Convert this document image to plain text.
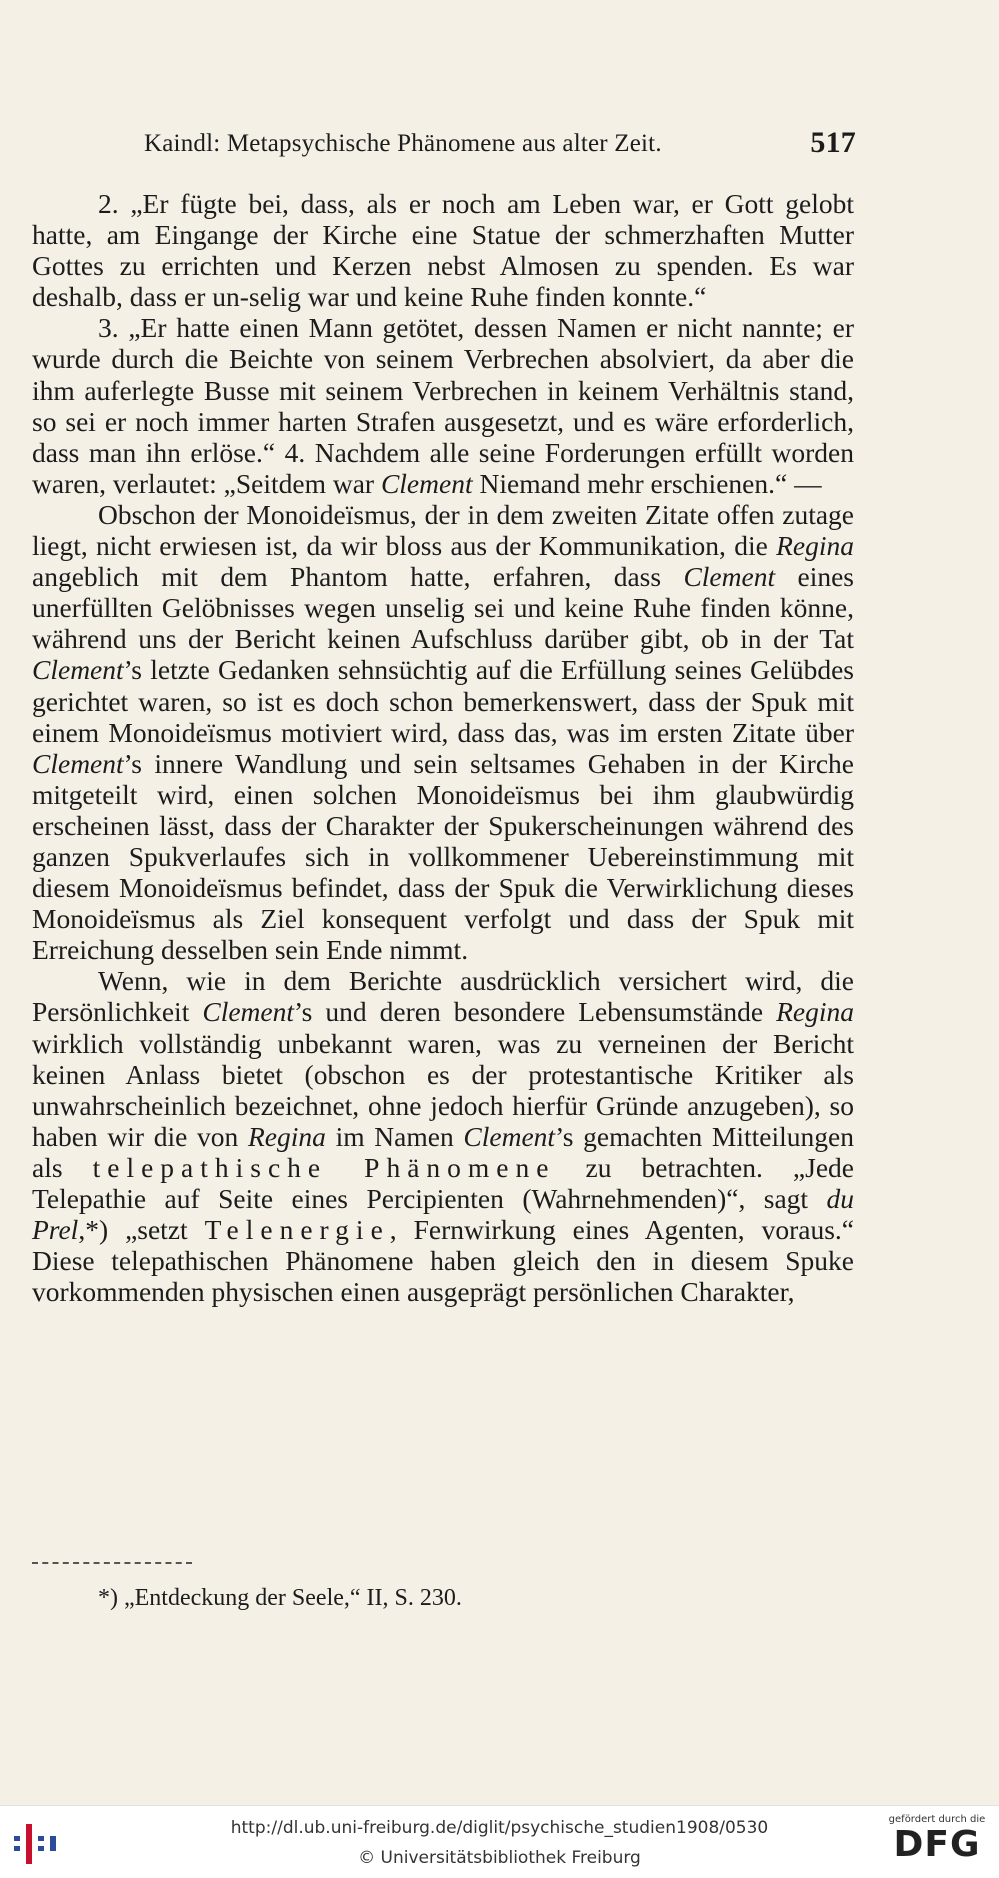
Kaindl: Metapsychische Phänomene aus alter Zeit.	517

2. „Er fügte bei, dass, als er noch am Leben war, er Gott gelobt hatte, am Eingange der Kirche eine Statue der schmerzhaften Mutter Gottes zu errichten und Kerzen nebst Almosen zu spenden. Es war deshalb, dass er un-selig war und keine Ruhe finden konnte.“

3. „Er hatte einen Mann getötet, dessen Namen er nicht nannte; er wurde durch die Beichte von seinem Verbrechen absolviert, da aber die ihm auferlegte Busse mit seinem Verbrechen in keinem Verhältnis stand, so sei er noch immer harten Strafen ausgesetzt, und es wäre erforderlich, dass man ihn erlöse.“ 4. Nachdem alle seine Forderungen erfüllt worden waren, verlautet: „Seitdem war Clement Niemand mehr erschienen.“ —

Obschon der Monoideïsmus, der in dem zweiten Zitate offen zutage liegt, nicht erwiesen ist, da wir bloss aus der Kommunikation, die Regina angeblich mit dem Phantom hatte, erfahren, dass Clement eines unerfüllten Gelöbnisses wegen unselig sei und keine Ruhe finden könne, während uns der Bericht keinen Aufschluss darüber gibt, ob in der Tat Clement’s letzte Gedanken sehnsüchtig auf die Erfüllung seines Gelübdes gerichtet waren, so ist es doch schon bemerkenswert, dass der Spuk mit einem Monoideïsmus motiviert wird, dass das, was im ersten Zitate über Clement’s innere Wandlung und sein seltsames Gehaben in der Kirche mitgeteilt wird, einen solchen Monoideïsmus bei ihm glaubwürdig erscheinen lässt, dass der Charakter der Spukerscheinungen während des ganzen Spukverlaufes sich in vollkommener Uebereinstimmung mit diesem Monoideïsmus befindet, dass der Spuk die Verwirklichung dieses Monoideïsmus als Ziel konsequent verfolgt und dass der Spuk mit Erreichung desselben sein Ende nimmt.

Wenn, wie in dem Berichte ausdrücklich versichert wird, die Persönlichkeit Clement’s und deren besondere Lebensumstände Regina wirklich vollständig unbekannt waren, was zu verneinen der Bericht keinen Anlass bietet (obschon es der protestantische Kritiker als unwahrscheinlich bezeichnet, ohne jedoch hierfür Gründe anzugeben), so haben wir die von Regina im Namen Clement’s gemachten Mitteilungen als telepathische Phänomene zu betrachten. „Jede Telepathie auf Seite eines Percipienten (Wahrnehmenden)“, sagt du Prel,*) „setzt Telenergie, Fernwirkung eines Agenten, voraus.“ Diese telepathischen Phänomene haben gleich den in diesem Spuke vorkommenden physischen einen ausgeprägt persönlichen Charakter,

*) „Entdeckung der Seele,“ II, S. 230.
http://dl.ub.uni-freiburg.de/diglit/psychische_studien1908/0530
© Universitätsbibliothek Freiburg
gefördert durch die
DFG
